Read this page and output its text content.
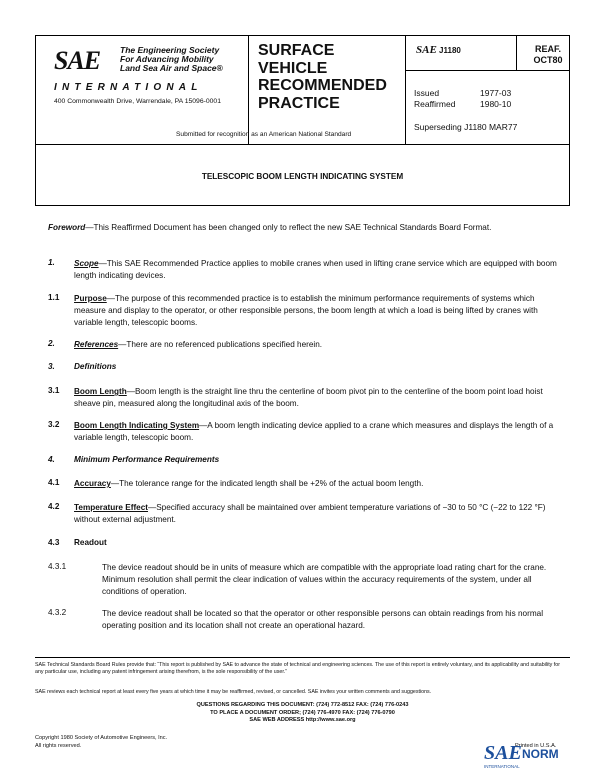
SAE The Engineering Society
For Advancing Mobility
Land Sea Air and Space®
INTERNATIONAL
400 Commonwealth Drive, Warrendale, PA 15096-0001
SURFACE
VEHICLE
RECOMMENDED
PRACTICE
Submitted for recognition as an American National Standard
SAE J1180	REAF.
OCT80
Issued	1977-03
Reaffirmed	1980-10
Superseding J1180 MAR77
TELESCOPIC BOOM LENGTH INDICATING SYSTEM
Foreword—This Reaffirmed Document has been changed only to reflect the new SAE Technical Standards Board Format.
1. Scope—This SAE Recommended Practice applies to mobile cranes when used in lifting crane service which are equipped with boom length indicating devices.
1.1 Purpose—The purpose of this recommended practice is to establish the minimum performance requirements of systems which measure and display to the operator, or other responsible persons, the boom length at which a load is being lifted by cranes with variable length, telescopic booms.
2. References—There are no referenced publications specified herein.
3. Definitions
3.1 Boom Length—Boom length is the straight line thru the centerline of boom pivot pin to the centerline of the boom point load hoist sheave pin, measured along the longitudinal axis of the boom.
3.2 Boom Length Indicating System—A boom length indicating device applied to a crane which measures and displays the length of a variable length, telescopic boom.
4. Minimum Performance Requirements
4.1 Accuracy—The tolerance range for the indicated length shall be +2% of the actual boom length.
4.2 Temperature Effect—Specified accuracy shall be maintained over ambient temperature variations of −30 to 50 °C (−22 to 122 °F) without external adjustment.
4.3 Readout
4.3.1	The device readout should be in units of measure which are compatible with the appropriate load rating chart for the crane. Minimum resolution shall permit the clear indication of values within the accuracy requirements of the system, under all conditions of operation.
4.3.2	The device readout shall be located so that the operator or other responsible persons can obtain readings from his normal operating position and its location shall not create an operational hazard.
SAE Technical Standards Board Rules provide that: “This report is published by SAE to advance the state of technical and engineering sciences. The use of this report is entirely voluntary, and its applicability and suitability for any particular use, including any patent infringement arising therefrom, is the sole responsibility of the user.”
SAE reviews each technical report at least every five years at which time it may be reaffirmed, revised, or cancelled. SAE invites your written comments and suggestions.
QUESTIONS REGARDING THIS DOCUMENT: (724) 772-8512 FAX: (724) 776-0243
TO PLACE A DOCUMENT ORDER; (724) 776-4970 FAX: (724) 776-0790
SAE WEB ADDRESS http://www.sae.org
Copyright 1980 Society of Automotive Engineers, Inc.
All rights reserved.	Printed in U.S.A.
SAE NORM
INTERNATIONAL
